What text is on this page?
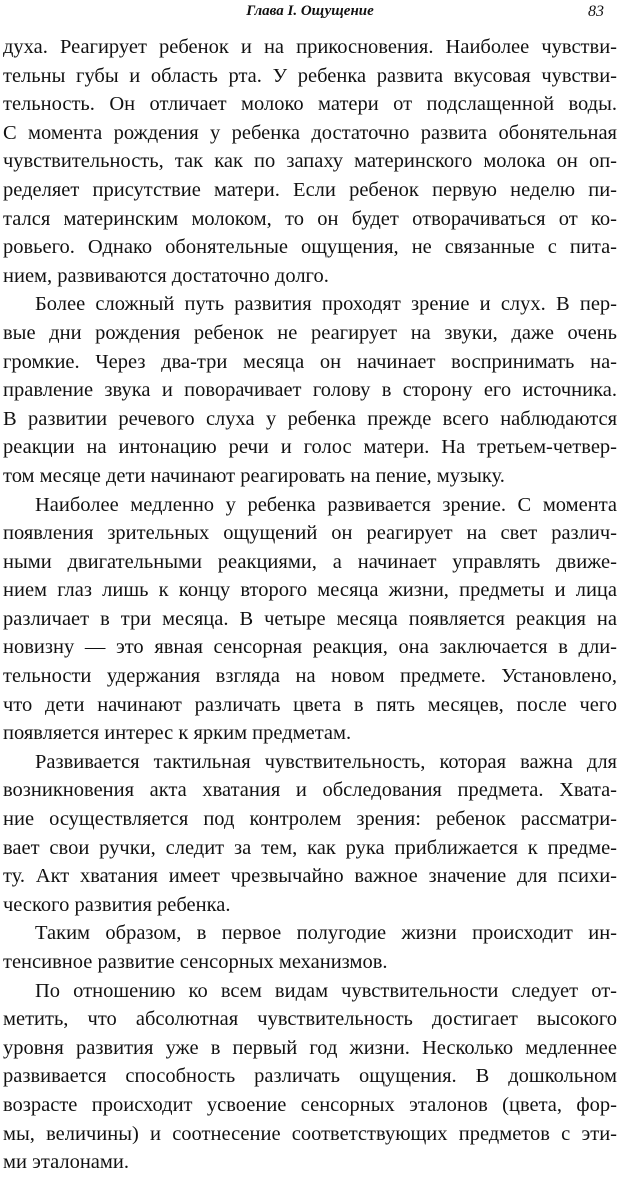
Глава I. Ощущение	83
духа. Реагирует ребенок и на прикосновения. Наиболее чувстви-
тельны губы и область рта. У ребенка развита вкусовая чувстви-
тельность. Он отличает молоко матери от подслащенной воды.
С момента рождения у ребенка достаточно развита обонятельная
чувствительность, так как по запаху материнского молока он оп-
ределяет присутствие матери. Если ребенок первую неделю пи-
тался материнским молоком, то он будет отворачиваться от ко-
ровьего. Однако обонятельные ощущения, не связанные с пита-
нием, развиваются достаточно долго.
Более сложный путь развития проходят зрение и слух. В пер-
вые дни рождения ребенок не реагирует на звуки, даже очень
громкие. Через два-три месяца он начинает воспринимать на-
правление звука и поворачивает голову в сторону его источника.
В развитии речевого слуха у ребенка прежде всего наблюдаются
реакции на интонацию речи и голос матери. На третьем-четвер-
том месяце дети начинают реагировать на пение, музыку.
Наиболее медленно у ребенка развивается зрение. С момента
появления зрительных ощущений он реагирует на свет различ-
ными двигательными реакциями, а начинает управлять движе-
нием глаз лишь к концу второго месяца жизни, предметы и лица
различает в три месяца. В четыре месяца появляется реакция на
новизну — это явная сенсорная реакция, она заключается в дли-
тельности удержания взгляда на новом предмете. Установлено,
что дети начинают различать цвета в пять месяцев, после чего
появляется интерес к ярким предметам.
Развивается тактильная чувствительность, которая важна для
возникновения акта хватания и обследования предмета. Хвата-
ние осуществляется под контролем зрения: ребенок рассматри-
вает свои ручки, следит за тем, как рука приближается к предме-
ту. Акт хватания имеет чрезвычайно важное значение для психи-
ческого развития ребенка.
Таким образом, в первое полугодие жизни происходит ин-
тенсивное развитие сенсорных механизмов.
По отношению ко всем видам чувствительности следует от-
метить, что абсолютная чувствительность достигает высокого
уровня развития уже в первый год жизни. Несколько медленнее
развивается способность различать ощущения. В дошкольном
возрасте происходит усвоение сенсорных эталонов (цвета, фор-
мы, величины) и соотнесение соответствующих предметов с эти-
ми эталонами.
